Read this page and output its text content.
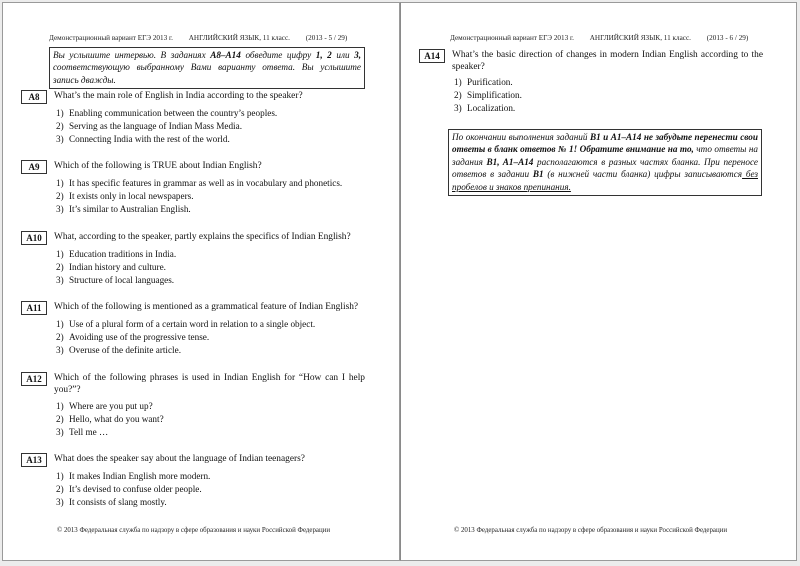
Демонстрационный вариант ЕГЭ 2013 г. АНГЛИЙСКИЙ ЯЗЫК, 11 класс. (2013 - 5 / 29)
Вы услышите интервью. В заданиях A8–A14 обведите цифру 1, 2 или 3, соответствующую выбранному Вами варианту ответа. Вы услышите запись дважды.
A8	What’s the main role of English in India according to the speaker?
1) Enabling communication between the country’s peoples.
2) Serving as the language of Indian Mass Media.
3) Connecting India with the rest of the world.
A9	Which of the following is TRUE about Indian English?
1) It has specific features in grammar as well as in vocabulary and phonetics.
2) It exists only in local newspapers.
3) It’s similar to Australian English.
A10	What, according to the speaker, partly explains the specifics of Indian English?
1) Education traditions in India.
2) Indian history and culture.
3) Structure of local languages.
A11	Which of the following is mentioned as a grammatical feature of Indian English?
1) Use of a plural form of a certain word in relation to a single object.
2) Avoiding use of the progressive tense.
3) Overuse of the definite article.
A12	Which of the following phrases is used in Indian English for “How can I help you?”?
1) Where are you put up?
2) Hello, what do you want?
3) Tell me …
A13	What does the speaker say about the language of Indian teenagers?
1) It makes Indian English more modern.
2) It’s devised to confuse older people.
3) It consists of slang mostly.
© 2013 Федеральная служба по надзору в сфере образования и науки Российской Федерации
Демонстрационный вариант ЕГЭ 2013 г. АНГЛИЙСКИЙ ЯЗЫК, 11 класс. (2013 - 6 / 29)
A14	What’s the basic direction of changes in modern Indian English according to the speaker?
1) Purification.
2) Simplification.
3) Localization.
По окончании выполнения заданий B1 и A1–A14 не забудьте перенести свои ответы в бланк ответов № 1! Обратите внимание на то, что ответы на задания B1, A1–A14 располагаются в разных частях бланка. При переносе ответов в задании B1 (в нижней части бланка) цифры записываются без пробелов и знаков препинания.
© 2013 Федеральная служба по надзору в сфере образования и науки Российской Федерации
